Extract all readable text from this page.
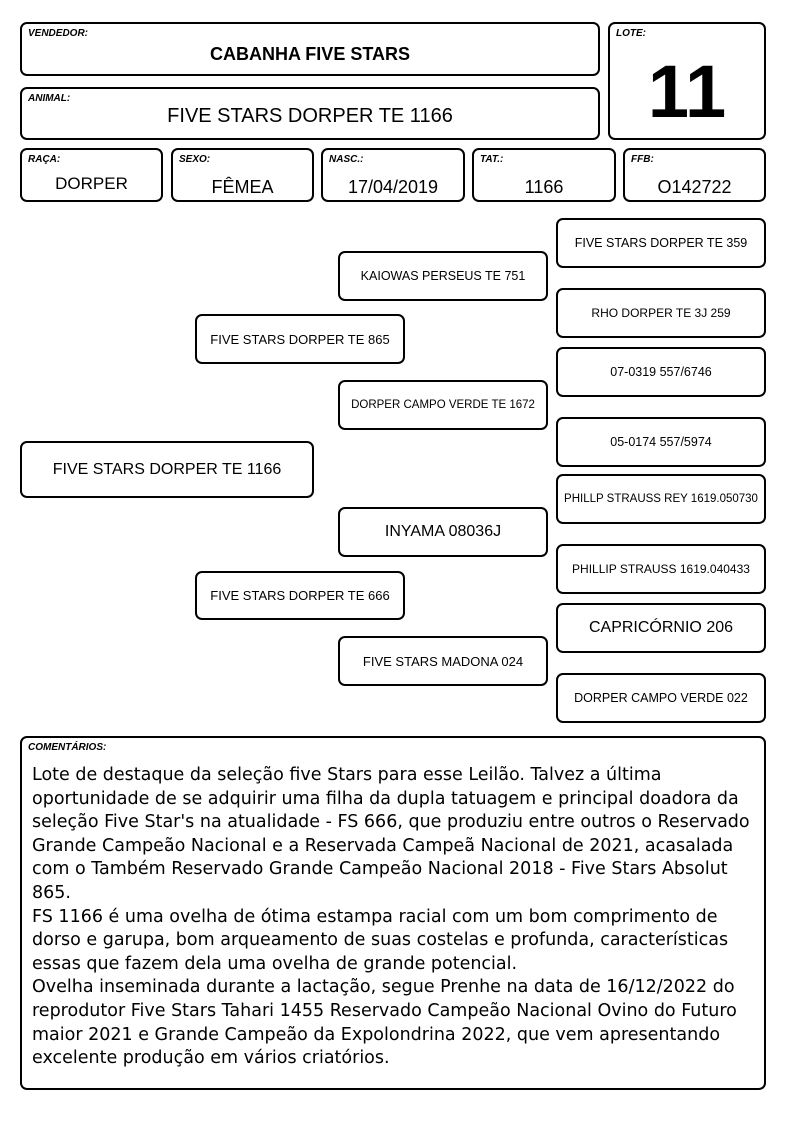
VENDEDOR:
CABANHA FIVE STARS
ANIMAL:
FIVE STARS DORPER TE 1166
LOTE:
11
RAÇA:
DORPER
SEXO:
FÊMEA
NASC.:
17/04/2019
TAT.:
1166
FFB:
O142722
FIVE STARS DORPER TE 1166
FIVE STARS DORPER TE 865
FIVE STARS DORPER TE 666
KAIOWAS PERSEUS TE 751
DORPER CAMPO VERDE TE 1672
INYAMA 08036J
FIVE STARS MADONA 024
FIVE STARS DORPER TE 359
RHO DORPER TE 3J 259
07-0319 557/6746
05-0174 557/5974
PHILLP STRAUSS REY 1619.050730
PHILLIP STRAUSS 1619.040433
CAPRICÓRNIO 206
DORPER CAMPO VERDE 022
COMENTÁRIOS:

Lote de destaque da seleção five Stars para esse Leilão. Talvez a última oportunidade de se adquirir uma filha da dupla tatuagem e principal doadora da seleção Five Star's na atualidade - FS 666, que produziu entre outros o Reservado Grande Campeão Nacional e a Reservada Campeã Nacional de 2021, acasalada com o Também Reservado Grande Campeão Nacional 2018 - Five Stars Absolut 865.

FS 1166 é uma ovelha de ótima estampa racial com um bom comprimento de dorso e garupa, bom arqueamento de suas costelas e profunda, características essas que fazem dela uma ovelha de grande potencial.

Ovelha inseminada durante a lactação, segue Prenhe na data de 16/12/2022 do reprodutor Five Stars Tahari 1455 Reservado Campeão Nacional Ovino do Futuro maior 2021 e Grande Campeão da Expolondrina 2022, que vem apresentando excelente produção em vários criatórios.
